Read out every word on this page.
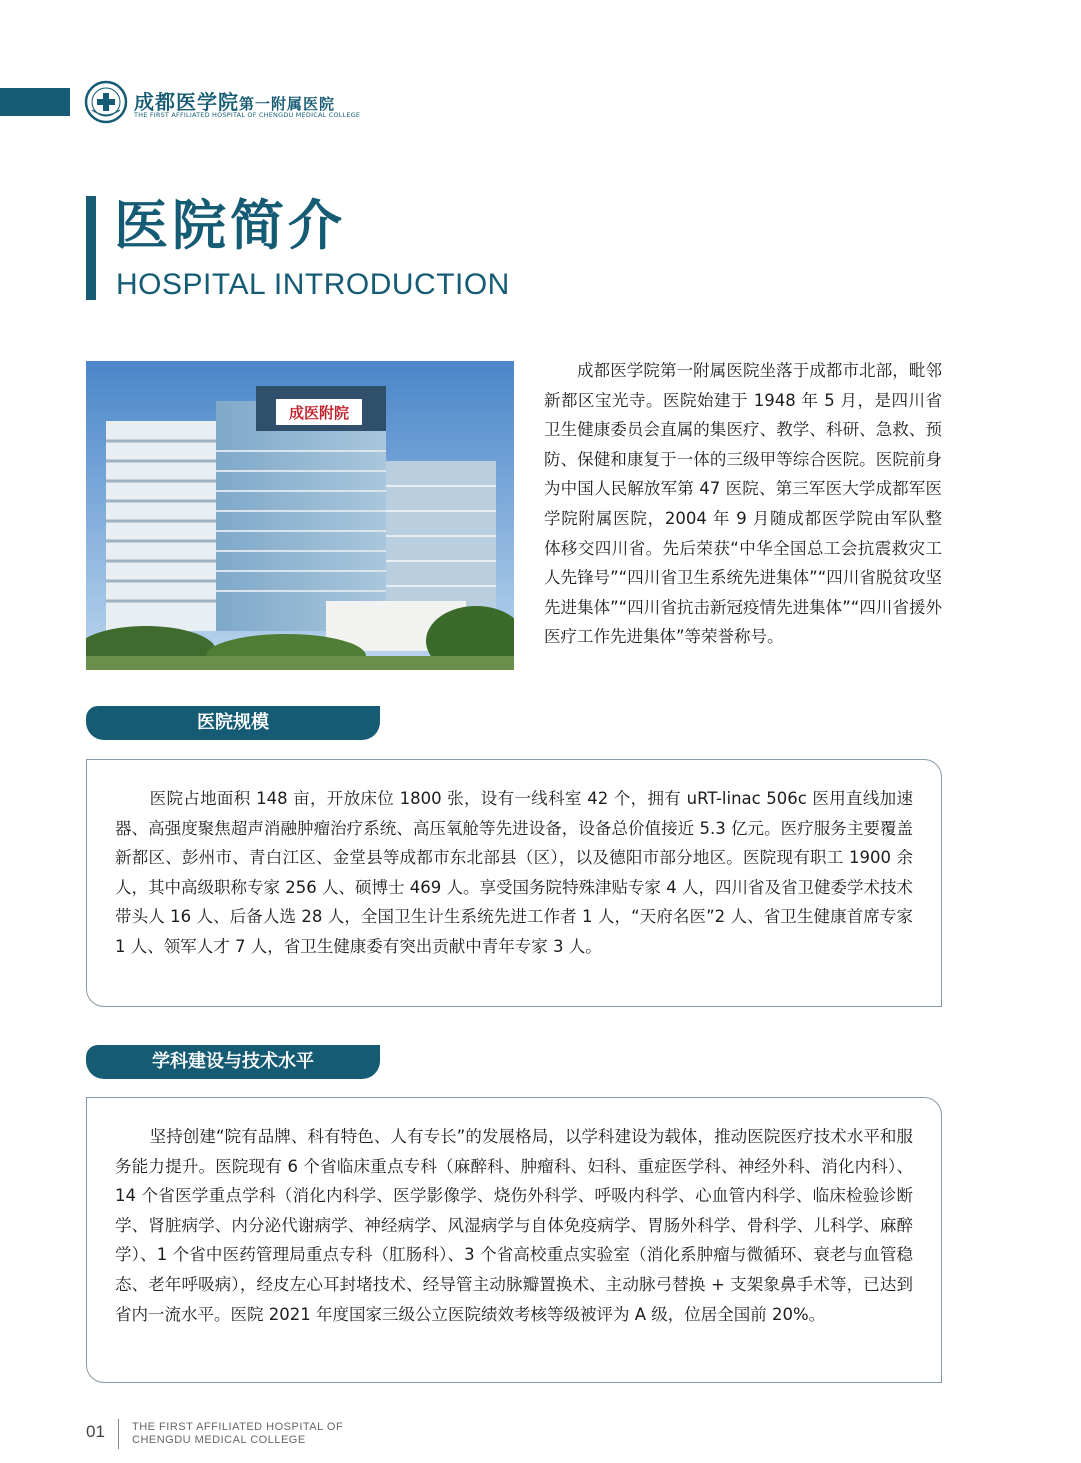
成都医学院第一附属医院
THE FIRST AFFILIATED HOSPITAL OF CHENGDU MEDICAL COLLEGE
医院简介
HOSPITAL INTRODUCTION
成医附院

成都医学院第一附属医院坐落于成都市北部，毗邻新都区宝光寺。医院始建于 1948 年 5 月，是四川省卫生健康委员会直属的集医疗、教学、科研、急救、预防、保健和康复于一体的三级甲等综合医院。医院前身为中国人民解放军第 47 医院、第三军医大学成都军医学院附属医院，2004 年 9 月随成都医学院由军队整体移交四川省。先后荣获“中华全国总工会抗震救灾工人先锋号”“四川省卫生系统先进集体”“四川省脱贫攻坚先进集体”“四川省抗击新冠疫情先进集体”“四川省援外医疗工作先进集体”等荣誉称号。

医院规模

医院占地面积 148 亩，开放床位 1800 张，设有一线科室 42 个，拥有 uRT-linac 506c 医用直线加速器、高强度聚焦超声消融肿瘤治疗系统、高压氧舱等先进设备，设备总价值接近 5.3 亿元。医疗服务主要覆盖新都区、彭州市、青白江区、金堂县等成都市东北部县（区），以及德阳市部分地区。医院现有职工 1900 余人，其中高级职称专家 256 人、硕博士 469 人。享受国务院特殊津贴专家 4 人，四川省及省卫健委学术技术带头人 16 人、后备人选 28 人，全国卫生计生系统先进工作者 1 人，“天府名医”2 人、省卫生健康首席专家 1 人、领军人才 7 人，省卫生健康委有突出贡献中青年专家 3 人。

学科建设与技术水平

坚持创建“院有品牌、科有特色、人有专长”的发展格局，以学科建设为载体，推动医院医疗技术水平和服务能力提升。医院现有 6 个省临床重点专科（麻醉科、肿瘤科、妇科、重症医学科、神经外科、消化内科）、14 个省医学重点学科（消化内科学、医学影像学、烧伤外科学、呼吸内科学、心血管内科学、临床检验诊断学、肾脏病学、内分泌代谢病学、神经病学、风湿病学与自体免疫病学、胃肠外科学、骨科学、儿科学、麻醉学）、1 个省中医药管理局重点专科（肛肠科）、3 个省高校重点实验室（消化系肿瘤与微循环、衰老与血管稳态、老年呼吸病），经皮左心耳封堵技术、经导管主动脉瓣置换术、主动脉弓替换 + 支架象鼻手术等，已达到省内一流水平。医院 2021 年度国家三级公立医院绩效考核等级被评为 A 级，位居全国前 20%。

01 THE FIRST AFFILIATED HOSPITAL OF
CHENGDU MEDICAL COLLEGE
